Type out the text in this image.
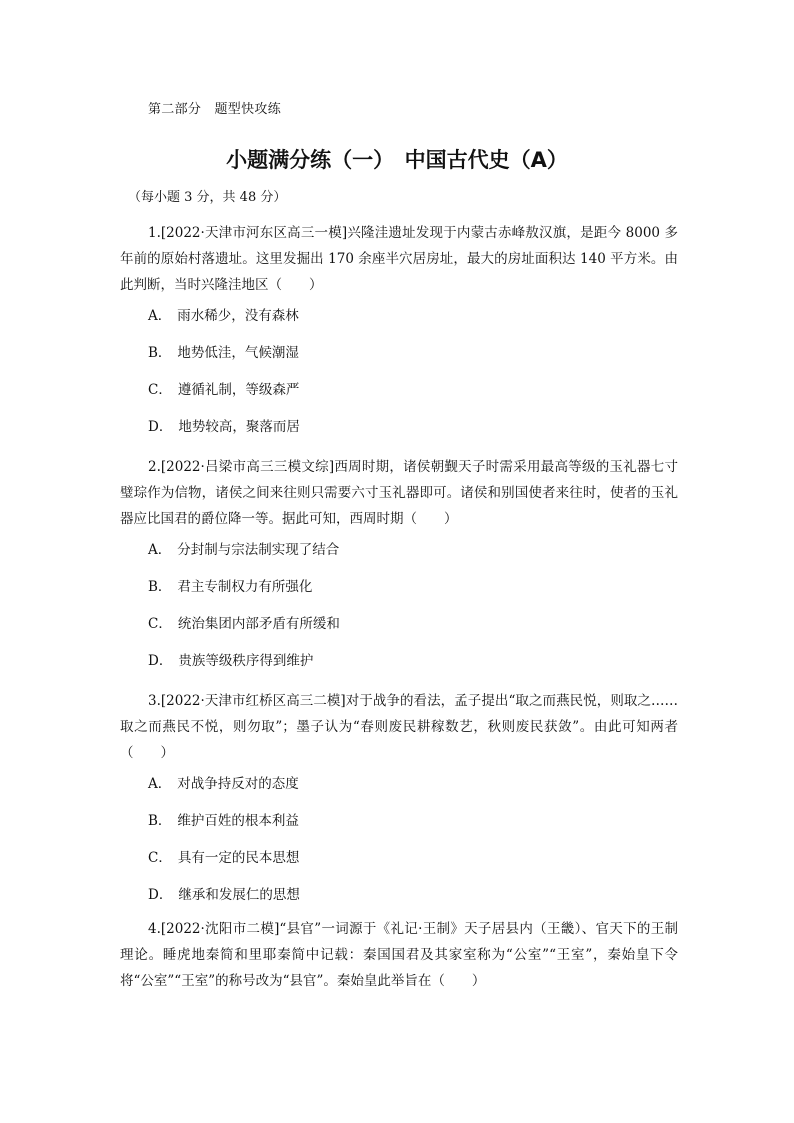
第二部分　题型快攻练
小题满分练（一）　中国古代史（A）
（每小题 3 分，共 48 分）
1.[2022·天津市河东区高三一模]兴隆洼遗址发现于内蒙古赤峰敖汉旗，是距今 8000 多年前的原始村落遗址。这里发掘出 170 余座半穴居房址，最大的房址面积达 140 平方米。由此判断，当时兴隆洼地区（　　）
A． 雨水稀少，没有森林
B． 地势低洼，气候潮湿
C． 遵循礼制，等级森严
D． 地势较高，聚落而居
2.[2022·吕梁市高三三模文综]西周时期，诸侯朝觐天子时需采用最高等级的玉礼器七寸璧琮作为信物，诸侯之间来往则只需要六寸玉礼器即可。诸侯和别国使者来往时，使者的玉礼器应比国君的爵位降一等。据此可知，西周时期（　　）
A． 分封制与宗法制实现了结合
B． 君主专制权力有所强化
C． 统治集团内部矛盾有所缓和
D． 贵族等级秩序得到维护
3.[2022·天津市红桥区高三二模]对于战争的看法，孟子提出“取之而燕民悦，则取之……取之而燕民不悦，则勿取”；墨子认为“春则废民耕稼数艺，秋则废民获敛”。由此可知两者（　　）
A． 对战争持反对的态度
B． 维护百姓的根本利益
C． 具有一定的民本思想
D． 继承和发展仁的思想
4.[2022·沈阳市二模]“县官”一词源于《礼记·王制》天子居县内（王畿）、官天下的王制理论。睡虎地秦简和里耶秦简中记载：秦国国君及其家室称为“公室”“王室”，秦始皇下令将“公室”“王室”的称号改为“县官”。秦始皇此举旨在（　　）
